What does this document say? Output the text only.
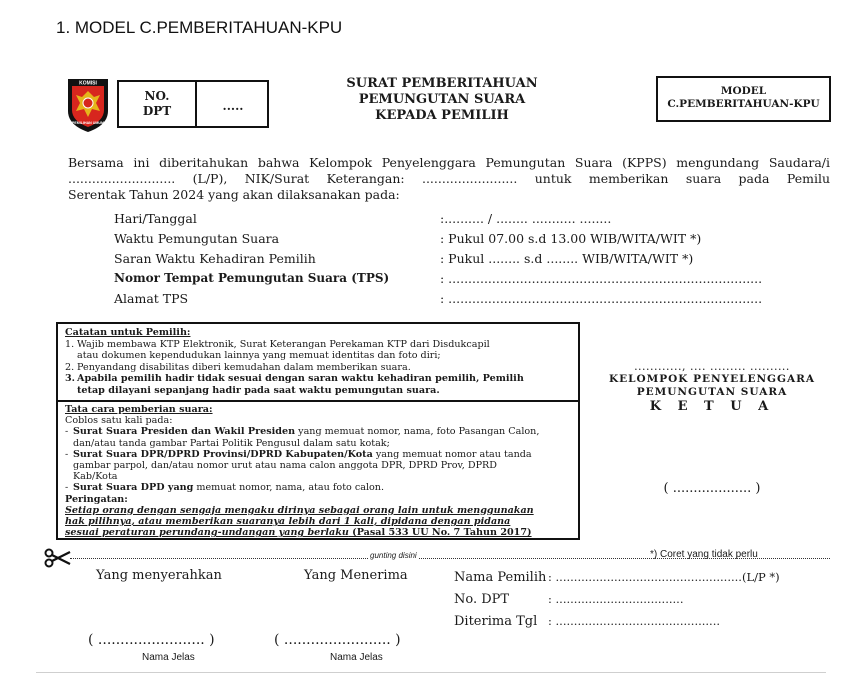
1. MODEL C.PEMBERITAHUAN-KPU
KOMISI
PEMILIHAN UMUM
NO.
DPT	.....
SURAT PEMBERITAHUAN
PEMUNGUTAN SUARA
KEPADA PEMILIH
MODEL
C.PEMBERITAHUAN-KPU
Bersama ini diberitahukan bahwa Kelompok Penyelenggara Pemungutan Suara (KPPS) mengundang Saudara/i
........................... (L/P), NIK/Surat Keterangan: ........................ untuk memberikan suara pada Pemilu
Serentak Tahun 2024 yang akan dilaksanakan pada:
Hari/Tanggal	:.......... / ........ ........... ........
Waktu Pemungutan Suara	: Pukul 07.00 s.d 13.00 WIB/WITA/WIT *)
Saran Waktu Kehadiran Pemilih	: Pukul ........ s.d ........ WIB/WITA/WIT *)
Nomor Tempat Pemungutan Suara (TPS)	: ...............................................................................
Alamat TPS	: ...............................................................................
Catatan untuk Pemilih:
1. Wajib membawa KTP Elektronik, Surat Keterangan Perekaman KTP dari Disdukcapil
atau dokumen kependudukan lainnya yang memuat identitas dan foto diri;
2. Penyandang disabilitas diberi kemudahan dalam memberikan suara.
3. Apabila pemilih hadir tidak sesuai dengan saran waktu kehadiran pemilih, Pemilih
tetap dilayani sepanjang hadir pada saat waktu pemungutan suara.
Tata cara pemberian suara:
Coblos satu kali pada:
- Surat Suara Presiden dan Wakil Presiden yang memuat nomor, nama, foto Pasangan Calon,
dan/atau tanda gambar Partai Politik Pengusul dalam satu kotak;
- Surat Suara DPR/DPRD Provinsi/DPRD Kabupaten/Kota yang memuat nomor atau tanda
gambar parpol, dan/atau nomor urut atau nama calon anggota DPR, DPRD Prov, DPRD
Kab/Kota
- Surat Suara DPD yang memuat nomor, nama, atau foto calon.
Peringatan:
Setiap orang dengan sengaja mengaku dirinya sebagai orang lain untuk menggunakan
hak pilihnya, atau memberikan suaranya lebih dari 1 kali, dipidana dengan pidana
sesuai peraturan perundang-undangan yang berlaku (Pasal 533 UU No. 7 Tahun 2017)
............, .... ......... ..........
KELOMPOK PENYELENGGARA
PEMUNGUTAN SUARA
K E T U A
( ................... )
*) Coret yang tidak perlu
gunting disini
Yang menyerahkan	Yang Menerima	Nama Pemilih : ...................................................(L/P *)
No. DPT	: ...................................
Diterima Tgl : .............................................
( ........................ )	( ........................ )
Nama Jelas	Nama Jelas
